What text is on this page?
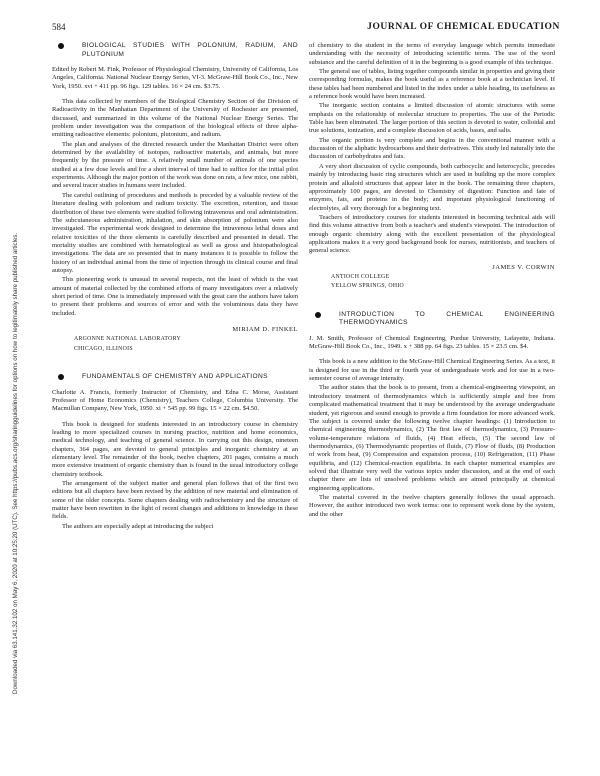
584	JOURNAL OF CHEMICAL EDUCATION
Downloaded via 63.141.32.102 on May 6, 2020 at 10:25:20 (UTC). See https://pubs.acs.org/sharingguidelines for options on how to legitimately share published articles.
BIOLOGICAL STUDIES WITH POLONIUM, RADIUM, AND PLUTONIUM

Edited by Robert M. Fink, Professor of Physiological Chemistry, University of California, Los Angeles, California. National Nuclear Energy Series, VI-3. McGraw-Hill Book Co., Inc., New York, 1950. xvi + 411 pp. 96 figs. 129 tables. 16 × 24 cm. $3.75.

This data collected by members of the Biological Chemistry Section of the Division of Radioactivity in the Manhattan Department of the University of Rochester are presented, discussed, and summarized in this volume of the National Nuclear Energy Series. The problem under investigation was the comparison of the biological effects of three alpha-emitting radioactive elements: polonium, plutonium, and radium.

The plan and analyses of the directed research under the Manhattan District were often determined by the availability of isotopes, radioactive materials, and animals, but more frequently by the pressure of time. A relatively small number of animals of one species studied at a few dose levels and for a short interval of time had to suffice for the initial pilot experiments. Although the major portion of the work was done on rats, a few mice, one rabbit, and several tracer studies in humans were included.

The careful outlining of procedures and methods is preceded by a valuable review of the literature dealing with polonium and radium toxicity. The excretion, retention, and tissue distribution of these two elements were studied following intravenous and oral administration. The subcutaneous administration, inhalation, and skin absorption of polonium were also investigated. The experimental work designed to determine the intravenous lethal doses and relative toxicities of the three elements is carefully described and presented in detail. The mortality studies are combined with hematological as well as gross and histopathological investigations. The data are so presented that in many instances it is possible to follow the history of an individual animal from the time of injection through its clinical course and final autopsy.

This pioneering work is unusual in several respects, not the least of which is the vast amount of material collected by the combined efforts of many investigators over a relatively short period of time. One is immediately impressed with the great care the authors have taken to present their problems and sources of error and with the voluminous data they have included.

MIRIAM D. FINKEL
ARGONNE NATIONAL LABORATORY
CHICAGO, ILLINOIS
FUNDAMENTALS OF CHEMISTRY AND APPLICATIONS

Charlotte A. Francis, formerly Instructor of Chemistry, and Edna C. Morse, Assistant Professor of Home Economics (Chemistry), Teachers College, Columbia University. The Macmillan Company, New York, 1950. xi + 545 pp. 99 figs. 15 × 22 cm. $4.50.

This book is designed for students interested in an introductory course in chemistry leading to more specialized courses in nursing practice, nutrition and home economics, medical technology, and teaching of general science. In carrying out this design, nineteen chapters, 364 pages, are devoted to general principles and inorganic chemistry at an elementary level. The remainder of the book, twelve chapters, 201 pages, contains a much more extensive treatment of organic chemistry than is found in the usual introductory college chemistry textbook.

The arrangement of the subject matter and general plan follows that of the first two editions but all chapters have been revised by the addition of new material and elimination of some of the older concepts. Some chapters dealing with radiochemistry and the structure of matter have been rewritten in the light of recent changes and additions to knowledge in these fields.

The authors are especially adept at introducing the subject

of chemistry to the student in the terms of everyday language which permits immediate understanding with the necessity of introducing scientific terms. The use of the word substance and the careful definition of it in the beginning is a good example of this technique.

The general use of tables, listing together compounds similar in properties and giving their corresponding formulas, makes the book useful as a reference book at a technician level. If these tables had been numbered and listed in the index under a table heading, its usefulness as a reference book would have been increased.

The inorganic section contains a limited discussion of atomic structures with some emphasis on the relationship of molecular structure to properties. The use of the Periodic Table has been eliminated. The larger portion of this section is devoted to water, colloidal and true solutions, ionization, and a complete discussion of acids, bases, and salts.

The organic portion is very complete and begins in the conventional manner with a discussion of the aliphatic hydrocarbons and their derivatives. This study led naturally into the discussion of carbohydrates and fats.

A very short discussion of cyclic compounds, both carbocyclic and heterocyclic, precedes mainly by introducing basic ring structures which are used in building up the more complex protein and alkaloid structures that appear later in the book. The remaining three chapters, approximately 100 pages, are devoted to Chemistry of digestion: Function and fate of enzymes, fats, and proteins in the body; and important physiological functioning of electrolytes, all very thorough for a beginning text.

Teachers of introductory courses for students interested in becoming technical aids will find this volume attractive from both a teacher's and student's viewpoint. The introduction of enough organic chemistry along with the excellent presentation of the physiological applications makes it a very good background book for nurses, nutritionists, and teachers of general science.

JAMES V. CORWIN
ANTIOCH COLLEGE
YELLOW SPRINGS, OHIO
INTRODUCTION TO CHEMICAL ENGINEERING THERMODYNAMICS

J. M. Smith, Professor of Chemical Engineering, Purdue University, Lafayette, Indiana. McGraw-Hill Book Co., Inc., 1949. x + 388 pp. 64 figs. 23 tables. 15 × 23.5 cm. $4.

This book is a new addition to the McGraw-Hill Chemical Engineering Series. As a text, it is designed for use in the third or fourth year of undergraduate work and for use in a two-semester course of average intensity.

The author states that the book is to present, from a chemical-engineering viewpoint, an introductory treatment of thermodynamics which is sufficiently simple and free from complicated mathematical treatment that it may be understood by the average undergraduate student, yet rigorous and sound enough to provide a firm foundation for more advanced work. The subject is covered under the following twelve chapter headings: (1) Introduction to chemical engineering thermodynamics, (2) The first law of thermodynamics, (3) Pressure-volume-temperature relations of fluids, (4) Heat effects, (5) The second law of thermodynamics, (6) Thermodynamic properties of fluids, (7) Flow of fluids, (8) Production of work from heat, (9) Compression and expansion process, (10) Refrigeration, (11) Phase equilibria, and (12) Chemical-reaction equilibria. In each chapter numerical examples are solved that illustrate very well the various topics under discussion, and at the end of each chapter there are lists of unsolved problems which are aimed principally at chemical engineering applications.

The material covered in the twelve chapters generally follows the usual approach. However, the author introduced two work terms: one to represent work done by the system, and the other
